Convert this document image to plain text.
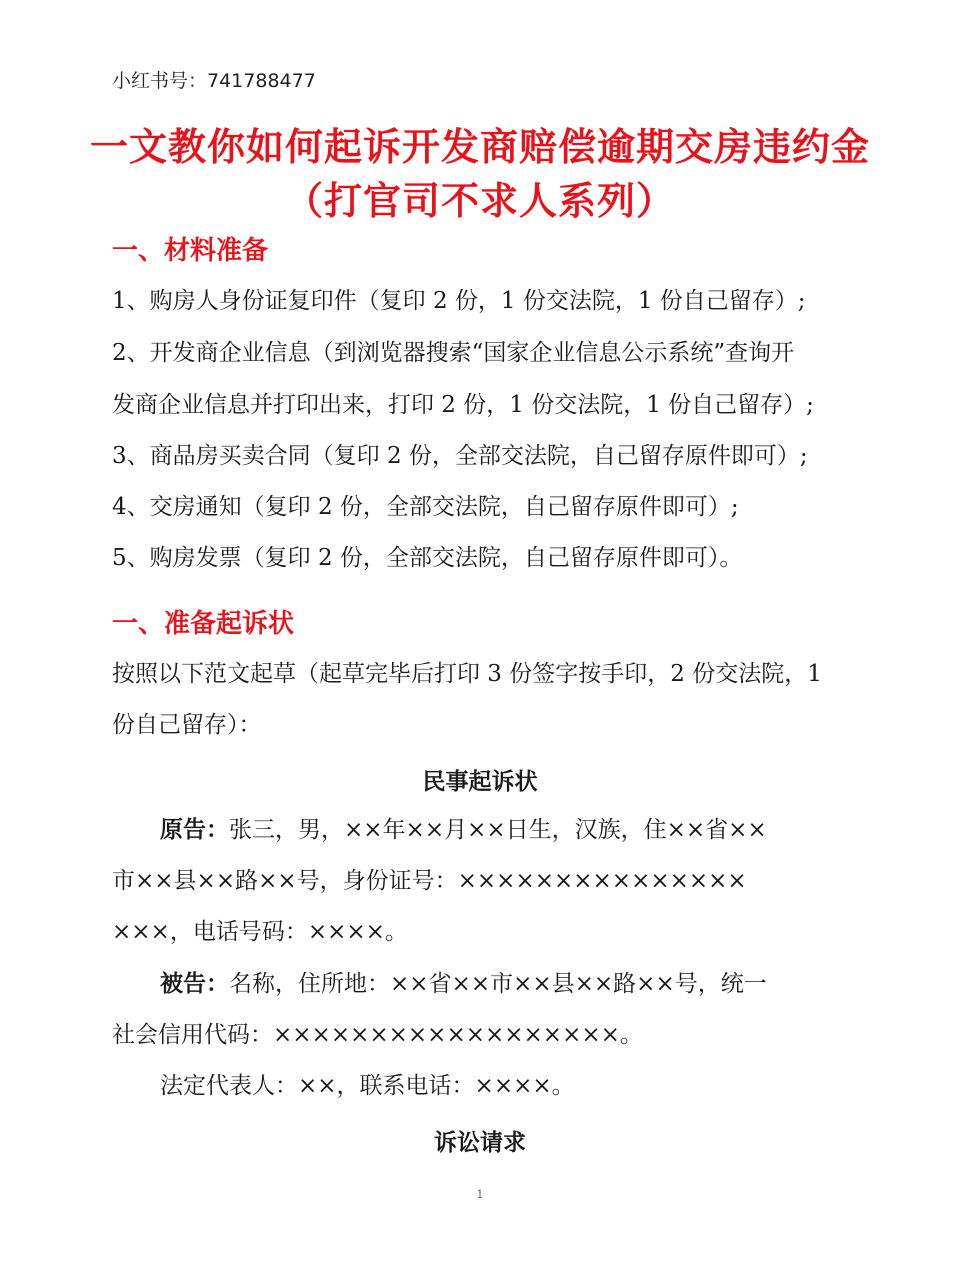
小红书号：741788477
一文教你如何起诉开发商赔偿逾期交房违约金
（打官司不求人系列）
一、材料准备
1、购房人身份证复印件（复印 2 份，1 份交法院，1 份自己留存）;
2、开发商企业信息（到浏览器搜索“国家企业信息公示系统”查询开
发商企业信息并打印出来，打印 2 份，1 份交法院，1 份自己留存）;
3、商品房买卖合同（复印 2 份，全部交法院，自己留存原件即可）;
4、交房通知（复印 2 份，全部交法院，自己留存原件即可）;
5、购房发票（复印 2 份，全部交法院，自己留存原件即可）。
一、准备起诉状
按照以下范文起草（起草完毕后打印 3 份签字按手印，2 份交法院，1
份自己留存）：
民事起诉状
原告：张三，男，××年××月××日生，汉族，住××省××
市××县××路××号，身份证号：×××××××××××××××
×××，电话号码：××××。
被告：名称，住所地：××省××市××县××路××号，统一
社会信用代码：××××××××××××××××××。
法定代表人：××，联系电话：××××。
诉讼请求
1
